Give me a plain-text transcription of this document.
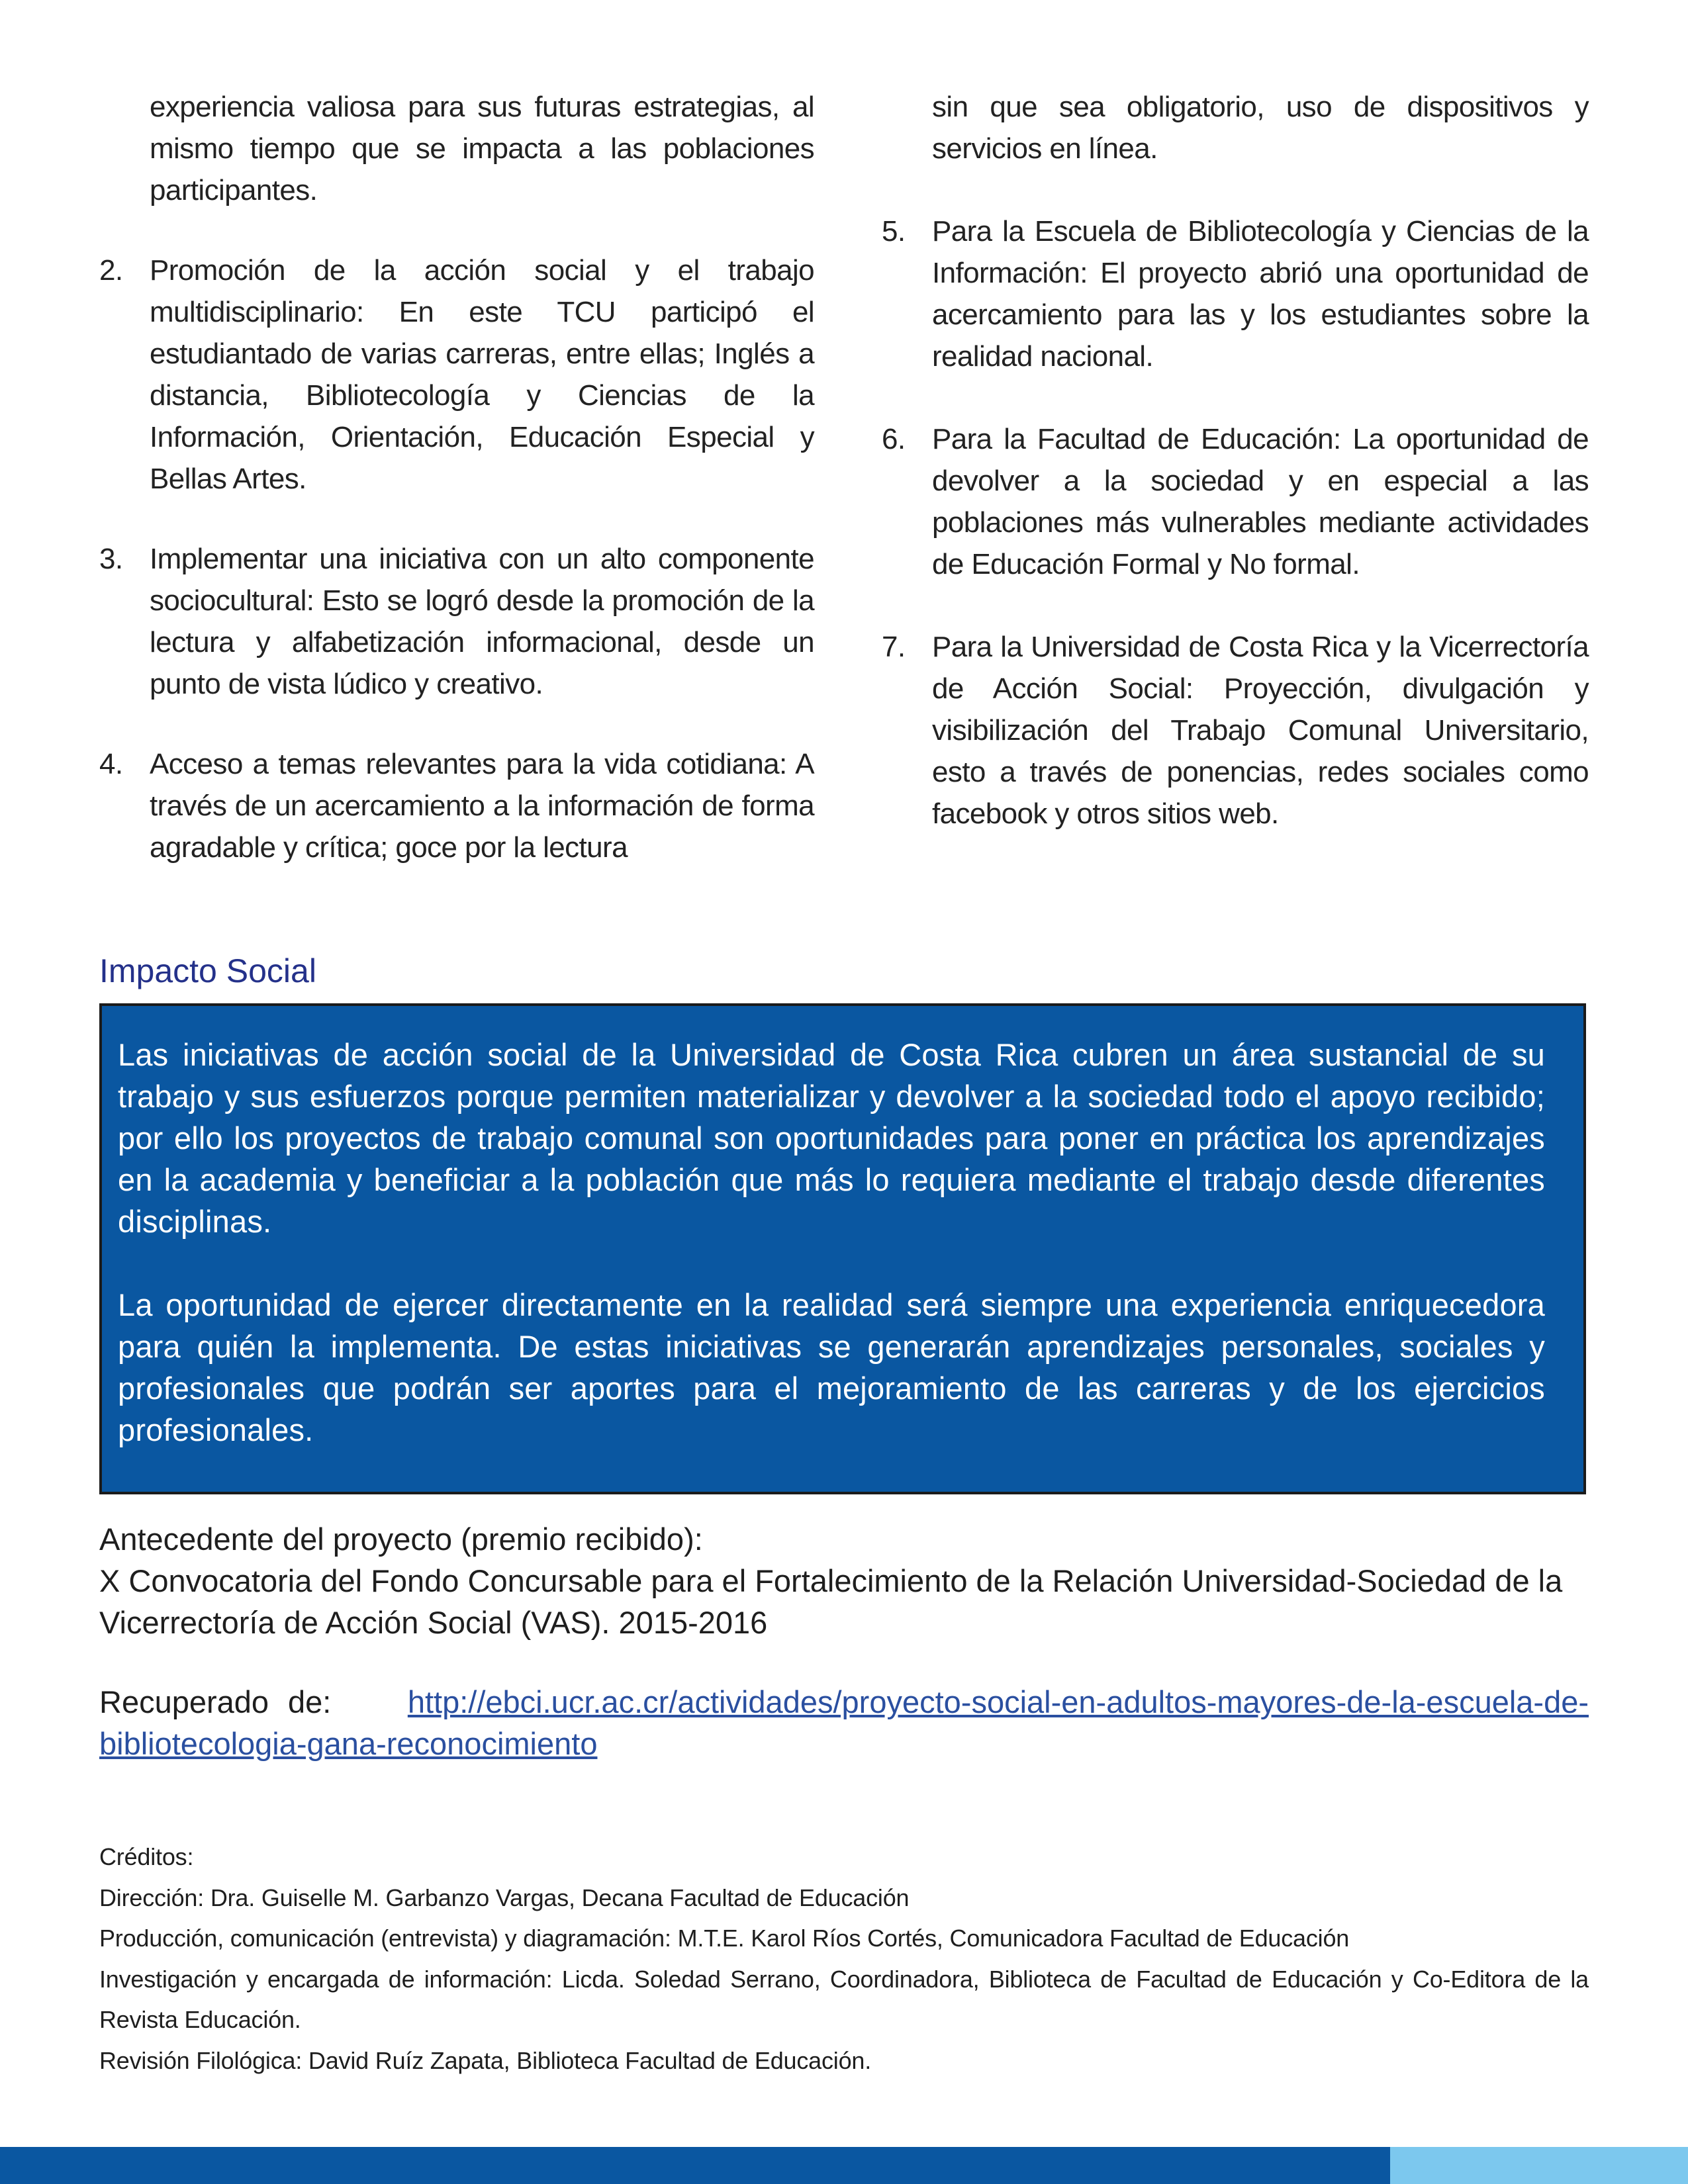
experiencia valiosa para sus futuras estrategias, al mismo tiempo que se impacta a las poblaciones participantes.

2. Promoción de la acción social y el trabajo multidisciplinario: En este TCU participó el estudiantado de varias carreras, entre ellas; Inglés a distancia, Bibliotecología y Ciencias de la Información, Orientación, Educación Especial y Bellas Artes.

3. Implementar una iniciativa con un alto componente sociocultural: Esto se logró desde la promoción de la lectura y alfabetización informacional, desde un punto de vista lúdico y creativo.

4. Acceso a temas relevantes para la vida cotidiana: A través de un acercamiento a la información de forma agradable y crítica; goce por la lectura

sin que sea obligatorio, uso de dispositivos y servicios en línea.

5. Para la Escuela de Bibliotecología y Ciencias de la Información: El proyecto abrió una oportunidad de acercamiento para las y los estudiantes sobre la realidad nacional.

6. Para la Facultad de Educación: La oportunidad de devolver a la sociedad y en especial a las poblaciones más vulnerables mediante actividades de Educación Formal y No formal.

7. Para la Universidad de Costa Rica y la Vicerrectoría de Acción Social: Proyección, divulgación y visibilización del Trabajo Comunal Universitario, esto a través de ponencias, redes sociales como facebook y otros sitios web.

Impacto Social

Las iniciativas de acción social de la Universidad de Costa Rica cubren un área sustancial de su trabajo y sus esfuerzos porque permiten materializar y devolver a la sociedad todo el apoyo recibido; por ello los proyectos de trabajo comunal son oportunidades para poner en práctica los aprendizajes en la academia y beneficiar a la población que más lo requiera mediante el trabajo desde diferentes disciplinas.

La oportunidad de ejercer directamente en la realidad será siempre una experiencia enriquecedora para quién la implementa. De estas iniciativas se generarán aprendizajes personales, sociales y profesionales que podrán ser aportes para el mejoramiento de las carreras y de los ejercicios profesionales.

Antecedente del proyecto (premio recibido):

X Convocatoria del Fondo Concursable para el Fortalecimiento de la Relación Universidad-Sociedad de la Vicerrectoría de Acción Social (VAS). 2015-2016

Recuperado de: http://ebci.ucr.ac.cr/actividades/proyecto-social-en-adultos-mayores-de-la-escuela-de-bibliotecologia-gana-reconocimiento

Créditos:

Dirección: Dra. Guiselle M. Garbanzo Vargas, Decana Facultad de Educación

Producción, comunicación (entrevista) y diagramación: M.T.E. Karol Ríos Cortés, Comunicadora Facultad de Educación

Investigación y encargada de información: Licda. Soledad Serrano, Coordinadora, Biblioteca de Facultad de Educación y Co-Editora de la Revista Educación.

Revisión Filológica: David Ruíz Zapata, Biblioteca Facultad de Educación.
